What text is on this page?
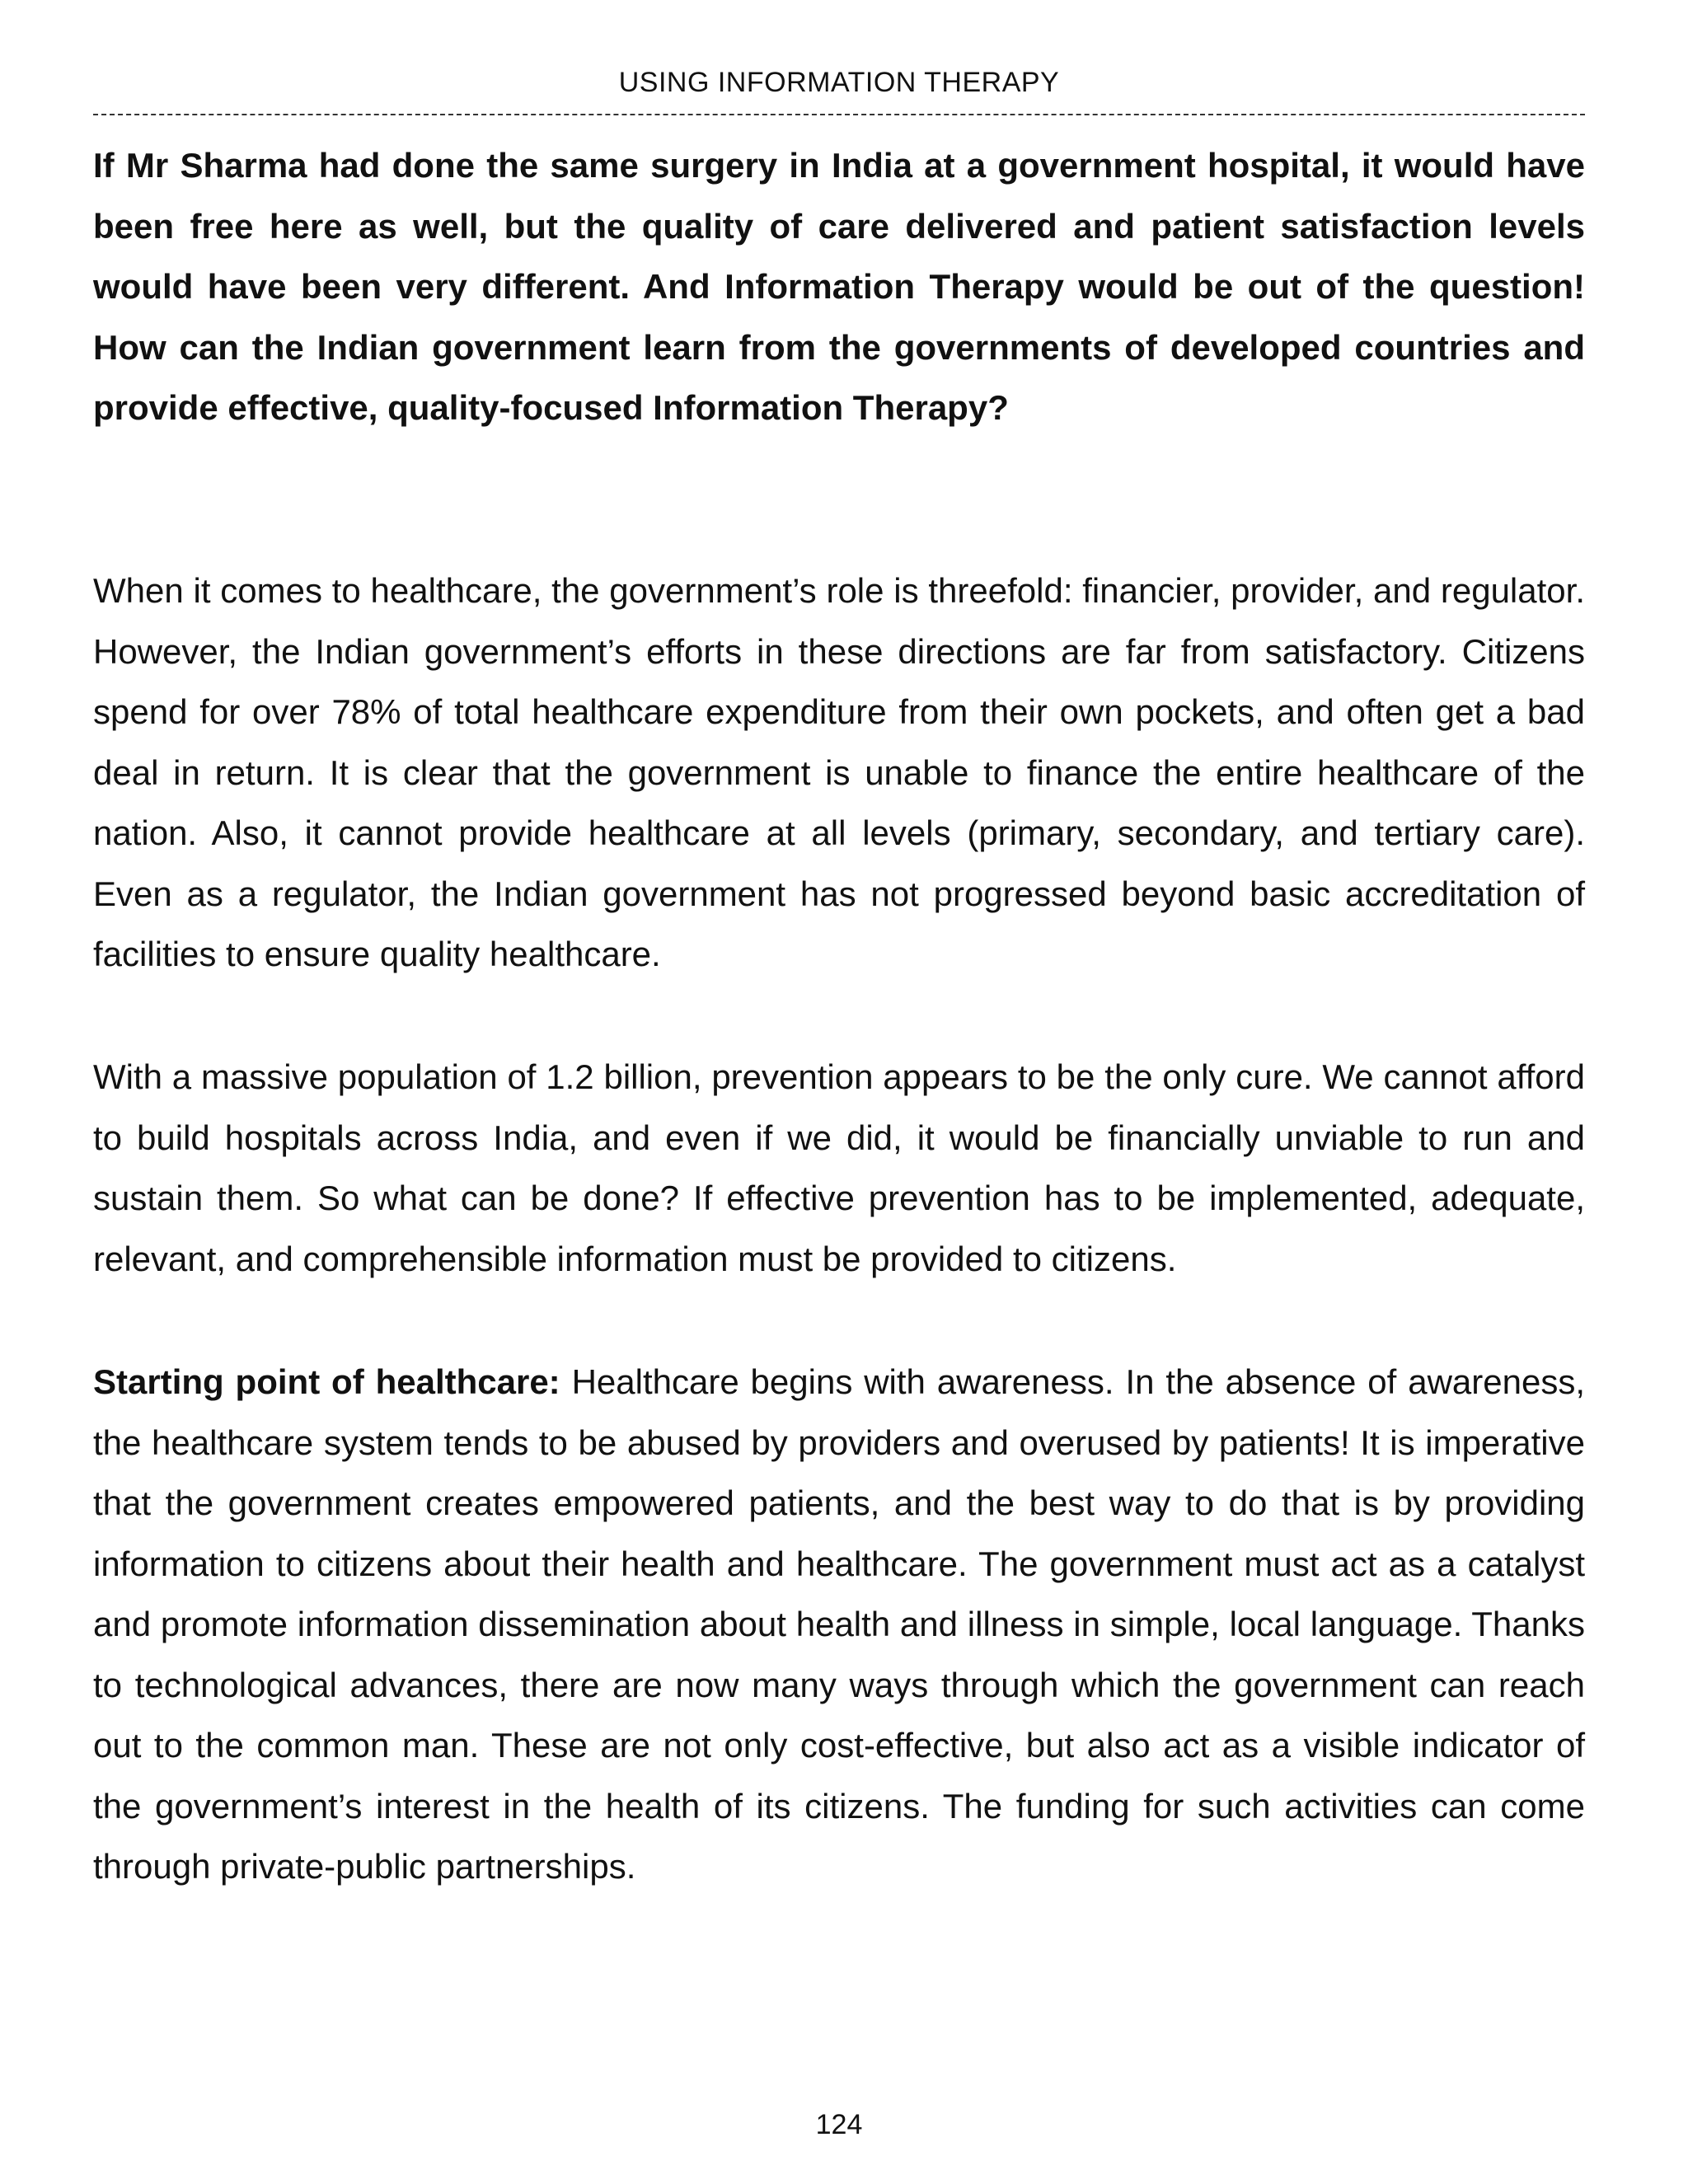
USING INFORMATION THERAPY

If Mr Sharma had done the same surgery in India at a government hospital, it would have been free here as well, but the quality of care delivered and patient satisfaction levels would have been very different. And Information Therapy would be out of the question! How can the Indian government learn from the governments of developed countries and provide effective, quality-focused Information Therapy?

When it comes to healthcare, the government’s role is threefold: financier, provider, and regulator. However, the Indian government’s efforts in these directions are far from satisfactory. Citizens spend for over 78% of total healthcare expenditure from their own pockets, and often get a bad deal in return. It is clear that the government is unable to finance the entire healthcare of the nation. Also, it cannot provide healthcare at all levels (primary, secondary, and tertiary care). Even as a regulator, the Indian government has not progressed beyond basic accreditation of facilities to ensure quality healthcare.

With a massive population of 1.2 billion, prevention appears to be the only cure. We cannot afford to build hospitals across India, and even if we did, it would be financially unviable to run and sustain them. So what can be done? If effective prevention has to be implemented, adequate, relevant, and comprehensible information must be provided to citizens.

Starting point of healthcare: Healthcare begins with awareness. In the absence of awareness, the healthcare system tends to be abused by providers and overused by patients! It is imperative that the government creates empowered patients, and the best way to do that is by providing information to citizens about their health and healthcare. The government must act as a catalyst and promote information dissemination about health and illness in simple, local language. Thanks to technological advances, there are now many ways through which the government can reach out to the common man. These are not only cost-effective, but also act as a visible indicator of the government’s interest in the health of its citizens. The funding for such activities can come through private-public partnerships.

124
